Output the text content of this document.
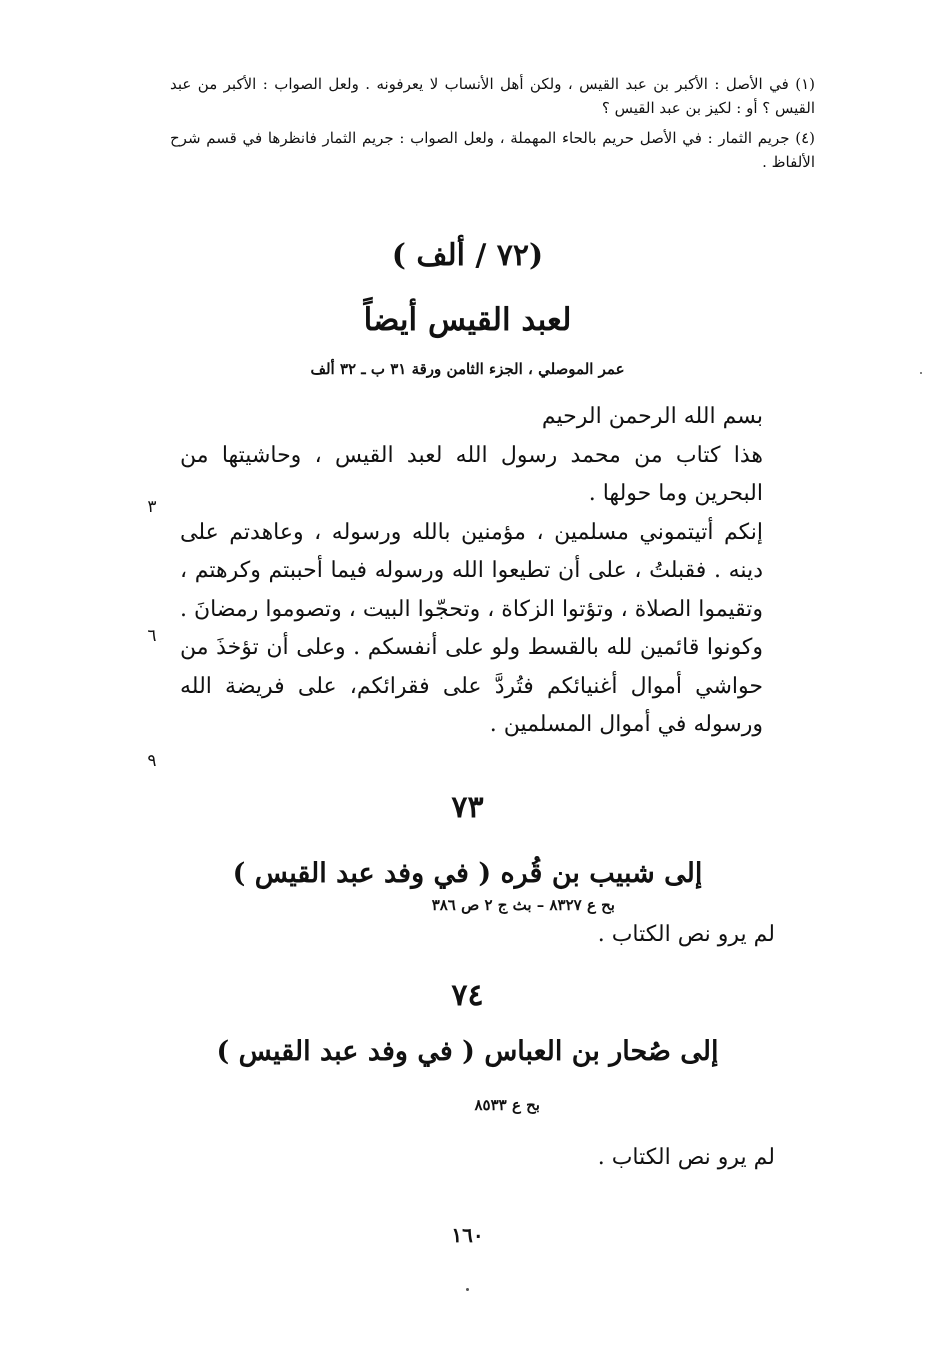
(١) في الأصل : الأكبر بن عبد القيس ، ولكن أهل الأنساب لا يعرفونه . ولعل الصواب : الأكبر من عبد القيس ؟ أو : لكيز بن عبد القيس ؟

(٤) جريم الثمار : في الأصل حريم بالحاء المهملة ، ولعل الصواب : جريم الثمار فانظرها في قسم شرح الألفاظ .

(٧٢ / ألف )
لعبد القيس أيضاً
عمر الموصلي ، الجزء الثامن ورقة ٣١ ب ـ ٣٢ ألف

بسم الله الرحمن الرحيم

هذا كتاب من محمد رسول الله لعبد القيس ، وحاشيتها من البحرين وما حولها .

إنكم أتيتموني مسلمين ، مؤمنين بالله ورسوله ، وعاهدتم على دينه . فقبلتُ ، على أن تطيعوا الله ورسوله فيما أحببتم وكرهتم ، وتقيموا الصلاة ، وتؤتوا الزكاة ، وتحجّوا البيت ، وتصوموا رمضانَ . وكونوا قائمين لله بالقسط ولو على أنفسكم . وعلى أن تؤخذَ من حواشي أموال أغنيائكم فتُردَّ على فقرائكم، على فريضة الله ورسوله في أموال المسلمين .

٣
٦
٩
٧٣
إلى شبيب بن قُره ( في وفد عبد القيس )
بح ع ٨٣٢٧ – بث ج ٢ ص ٣٨٦
لم يرو نص الكتاب .
٧٤
إلى صُحار بن العباس ( في وفد عبد القيس )
بح ع ٨٥٣٣
لم يرو نص الكتاب .
١٦٠
